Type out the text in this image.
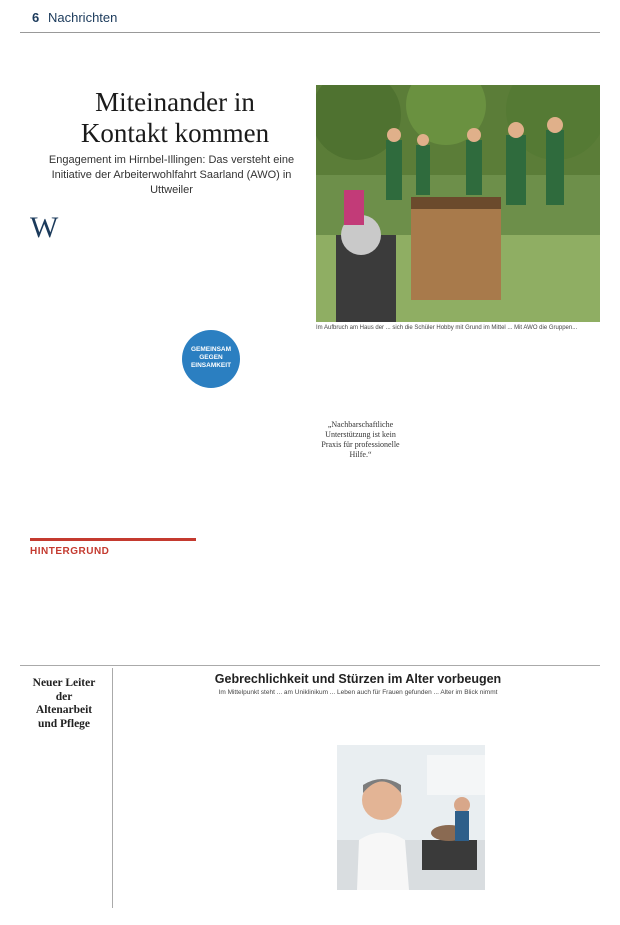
6 Nachrichten
Miteinander in
Kontakt kommen
Engagement im Hirnbel-Illingen: Das versteht eine Initiative der Arbeiterwohlfahrt Saarland (AWO) in Uttweiler
Im Aufbruch am Haus der ... sich die Schüler Hobby mit Grund im Mittel ... Mit AWO die Gruppen...
W
GEMEINSAM
GEGEN
EINSAMKEIT
„Nachbarschaftliche Unterstützung ist kein Praxis für professionelle Hilfe.“
HINTERGRUND
Neuer Leiter der Altenarbeit und Pflege
Gebrechlichkeit und Stürzen im Alter vorbeugen
Im Mittelpunkt steht ... am Uniklinikum ... Leben auch für Frauen gefunden ... Alter im Blick nimmt
